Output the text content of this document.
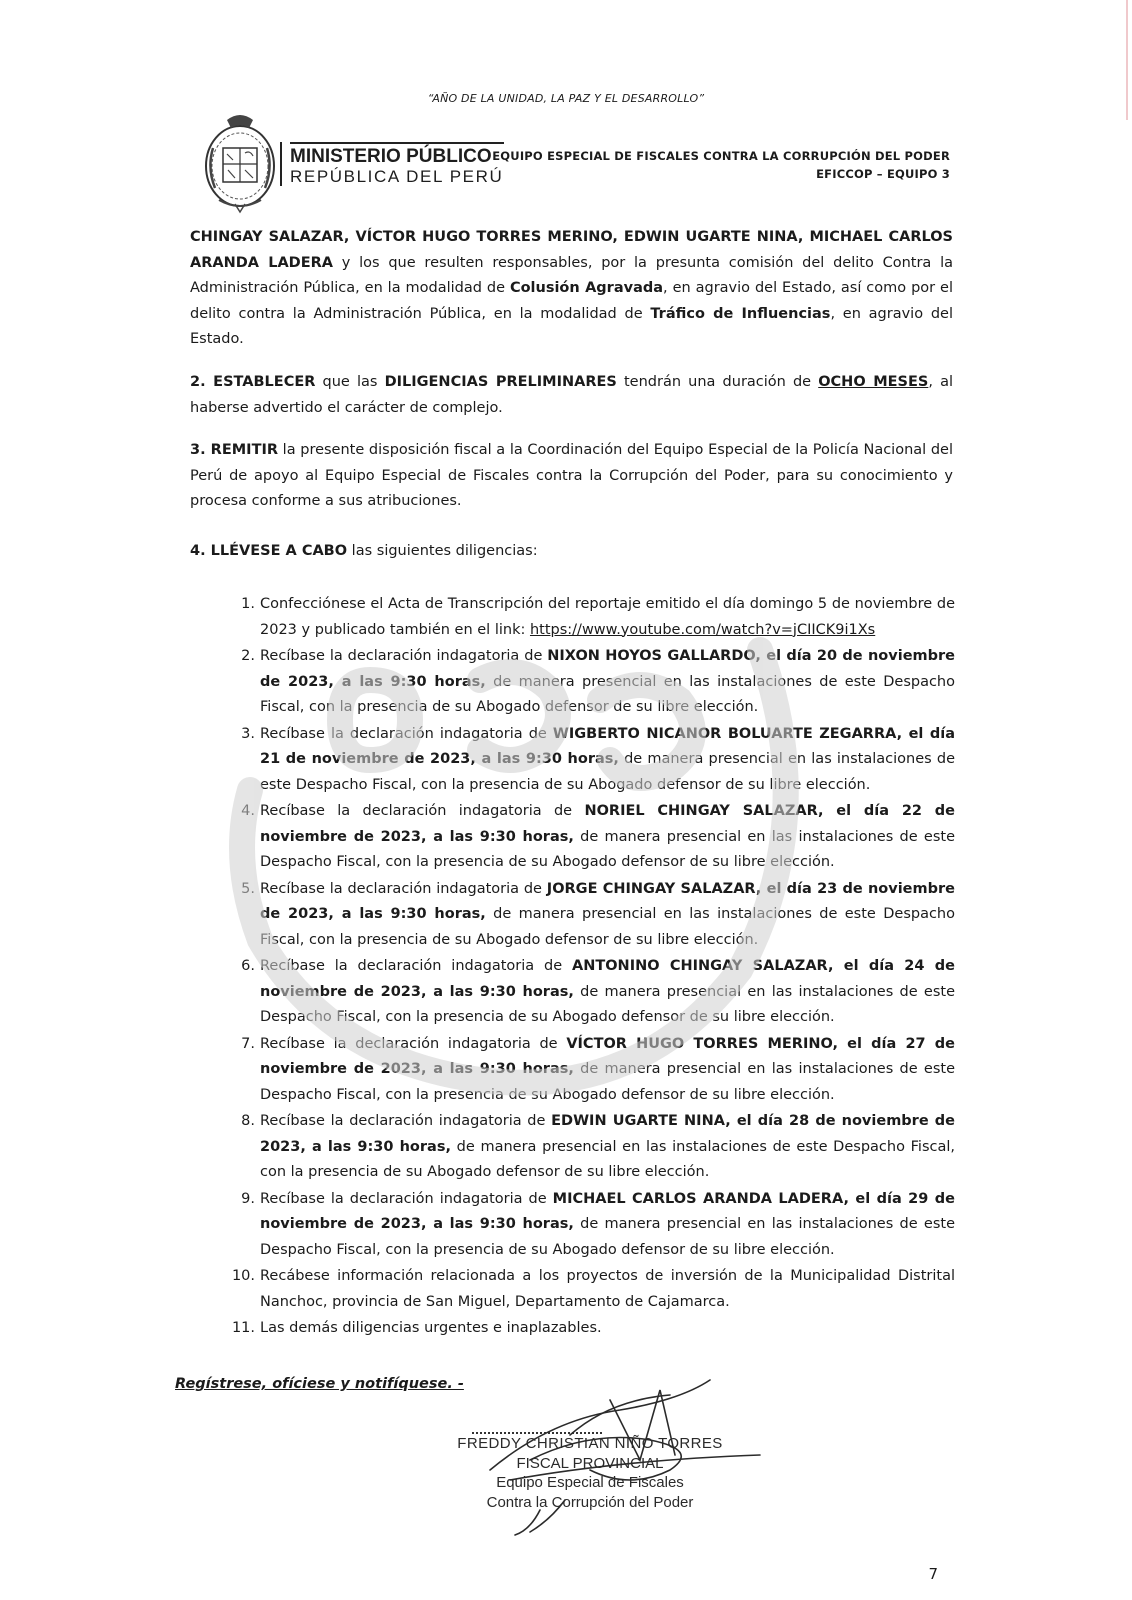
“AÑO DE LA UNIDAD, LA PAZ Y EL DESARROLLO”
MINISTERIO PÚBLICO
REPÚBLICA DEL PERÚ
EQUIPO ESPECIAL DE FISCALES CONTRA LA CORRUPCIÓN DEL PODER
EFICCOP – EQUIPO 3
CHINGAY SALAZAR, VÍCTOR HUGO TORRES MERINO, EDWIN UGARTE NINA, MICHAEL CARLOS ARANDA LADERA y los que resulten responsables, por la presunta comisión del delito Contra la Administración Pública, en la modalidad de Colusión Agravada, en agravio del Estado, así como por el delito contra la Administración Pública, en la modalidad de Tráfico de Influencias, en agravio del Estado.
2. ESTABLECER que las DILIGENCIAS PRELIMINARES tendrán una duración de OCHO MESES, al haberse advertido el carácter de complejo.
3. REMITIR la presente disposición fiscal a la Coordinación del Equipo Especial de la Policía Nacional del Perú de apoyo al Equipo Especial de Fiscales contra la Corrupción del Poder, para su conocimiento y procesa conforme a sus atribuciones.
4. LLÉVESE A CABO las siguientes diligencias:
1. Confecciónese el Acta de Transcripción del reportaje emitido el día domingo 5 de noviembre de 2023 y publicado también en el link: https://www.youtube.com/watch?v=jCIICK9i1Xs
2. Recíbase la declaración indagatoria de NIXON HOYOS GALLARDO, el día 20 de noviembre de 2023, a las 9:30 horas, de manera presencial en las instalaciones de este Despacho Fiscal, con la presencia de su Abogado defensor de su libre elección.
3. Recíbase la declaración indagatoria de WIGBERTO NICANOR BOLUARTE ZEGARRA, el día 21 de noviembre de 2023, a las 9:30 horas, de manera presencial en las instalaciones de este Despacho Fiscal, con la presencia de su Abogado defensor de su libre elección.
4. Recíbase la declaración indagatoria de NORIEL CHINGAY SALAZAR, el día 22 de noviembre de 2023, a las 9:30 horas, de manera presencial en las instalaciones de este Despacho Fiscal, con la presencia de su Abogado defensor de su libre elección.
5. Recíbase la declaración indagatoria de JORGE CHINGAY SALAZAR, el día 23 de noviembre de 2023, a las 9:30 horas, de manera presencial en las instalaciones de este Despacho Fiscal, con la presencia de su Abogado defensor de su libre elección.
6. Recíbase la declaración indagatoria de ANTONINO CHINGAY SALAZAR, el día 24 de noviembre de 2023, a las 9:30 horas, de manera presencial en las instalaciones de este Despacho Fiscal, con la presencia de su Abogado defensor de su libre elección.
7. Recíbase la declaración indagatoria de VÍCTOR HUGO TORRES MERINO, el día 27 de noviembre de 2023, a las 9:30 horas, de manera presencial en las instalaciones de este Despacho Fiscal, con la presencia de su Abogado defensor de su libre elección.
8. Recíbase la declaración indagatoria de EDWIN UGARTE NINA, el día 28 de noviembre de 2023, a las 9:30 horas, de manera presencial en las instalaciones de este Despacho Fiscal, con la presencia de su Abogado defensor de su libre elección.
9. Recíbase la declaración indagatoria de MICHAEL CARLOS ARANDA LADERA, el día 29 de noviembre de 2023, a las 9:30 horas, de manera presencial en las instalaciones de este Despacho Fiscal, con la presencia de su Abogado defensor de su libre elección.
10. Recábese información relacionada a los proyectos de inversión de la Municipalidad Distrital Nanchoc, provincia de San Miguel, Departamento de Cajamarca.
11. Las demás diligencias urgentes e inaplazables.
Regístrese, ofíciese y notifíquese. -
FREDDY CHRISTIAN NIÑO TORRES
FISCAL PROVINCIAL
Equipo Especial de Fiscales
Contra la Corrupción del Poder
7
